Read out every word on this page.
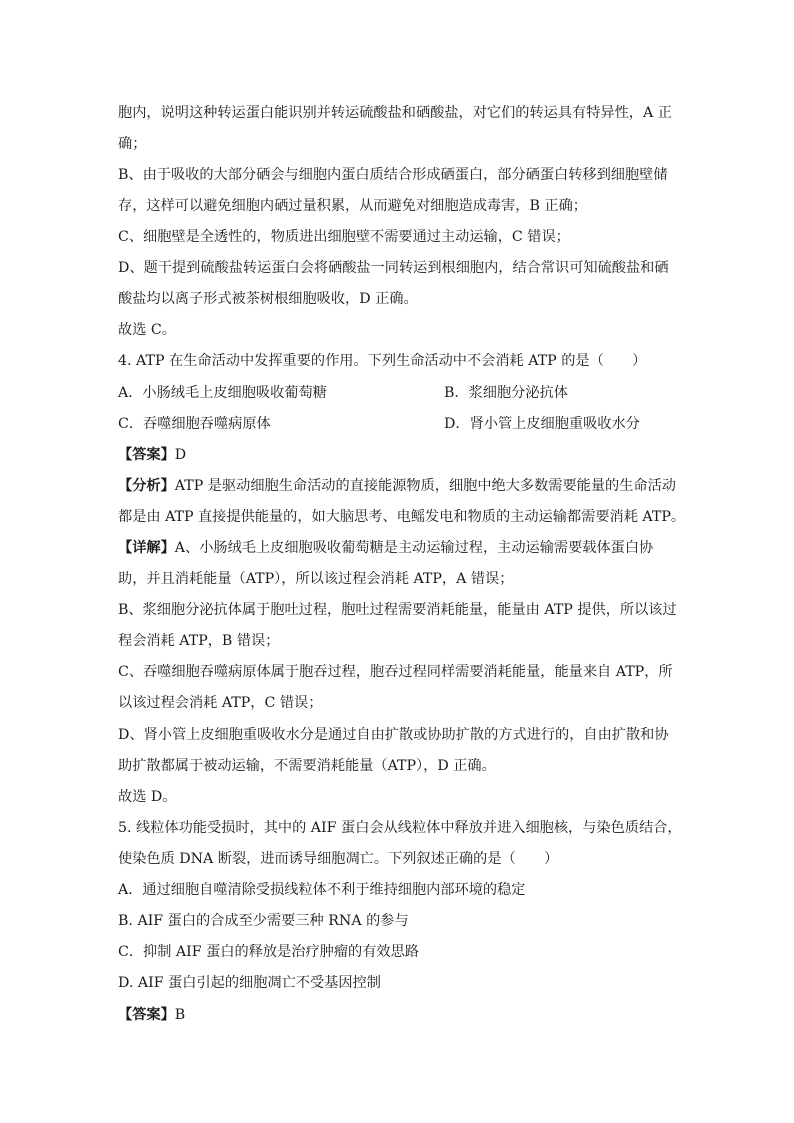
胞内，说明这种转运蛋白能识别并转运硫酸盐和硒酸盐，对它们的转运具有特异性，A 正
确；
B、由于吸收的大部分硒会与细胞内蛋白质结合形成硒蛋白，部分硒蛋白转移到细胞壁储
存，这样可以避免细胞内硒过量积累，从而避免对细胞造成毒害，B 正确；
C、细胞壁是全透性的，物质进出细胞壁不需要通过主动运输，C 错误；
D、题干提到硫酸盐转运蛋白会将硒酸盐一同转运到根细胞内，结合常识可知硫酸盐和硒
酸盐均以离子形式被茶树根细胞吸收，D 正确。
故选 C。
4. ATP 在生命活动中发挥重要的作用。下列生命活动中不会消耗 ATP 的是（　　）
A．小肠绒毛上皮细胞吸收葡萄糖	B．浆细胞分泌抗体
C．吞噬细胞吞噬病原体	D．肾小管上皮细胞重吸收水分
【答案】D
【分析】ATP 是驱动细胞生命活动的直接能源物质，细胞中绝大多数需要能量的生命活动
都是由 ATP 直接提供能量的，如大脑思考、电鳐发电和物质的主动运输都需要消耗 ATP。
【详解】A、小肠绒毛上皮细胞吸收葡萄糖是主动运输过程，主动运输需要载体蛋白协
助，并且消耗能量（ATP），所以该过程会消耗 ATP，A 错误；
B、浆细胞分泌抗体属于胞吐过程，胞吐过程需要消耗能量，能量由 ATP 提供，所以该过
程会消耗 ATP，B 错误；
C、吞噬细胞吞噬病原体属于胞吞过程，胞吞过程同样需要消耗能量，能量来自 ATP，所
以该过程会消耗 ATP，C 错误；
D、肾小管上皮细胞重吸收水分是通过自由扩散或协助扩散的方式进行的，自由扩散和协
助扩散都属于被动运输，不需要消耗能量（ATP），D 正确。
故选 D。
5. 线粒体功能受损时，其中的 AIF 蛋白会从线粒体中释放并进入细胞核，与染色质结合，
使染色质 DNA 断裂，进而诱导细胞凋亡。下列叙述正确的是（　　）
A．通过细胞自噬清除受损线粒体不利于维持细胞内部环境的稳定
B. AIF 蛋白的合成至少需要三种 RNA 的参与
C．抑制 AIF 蛋白的释放是治疗肿瘤的有效思路
D. AIF 蛋白引起的细胞凋亡不受基因控制
【答案】B
